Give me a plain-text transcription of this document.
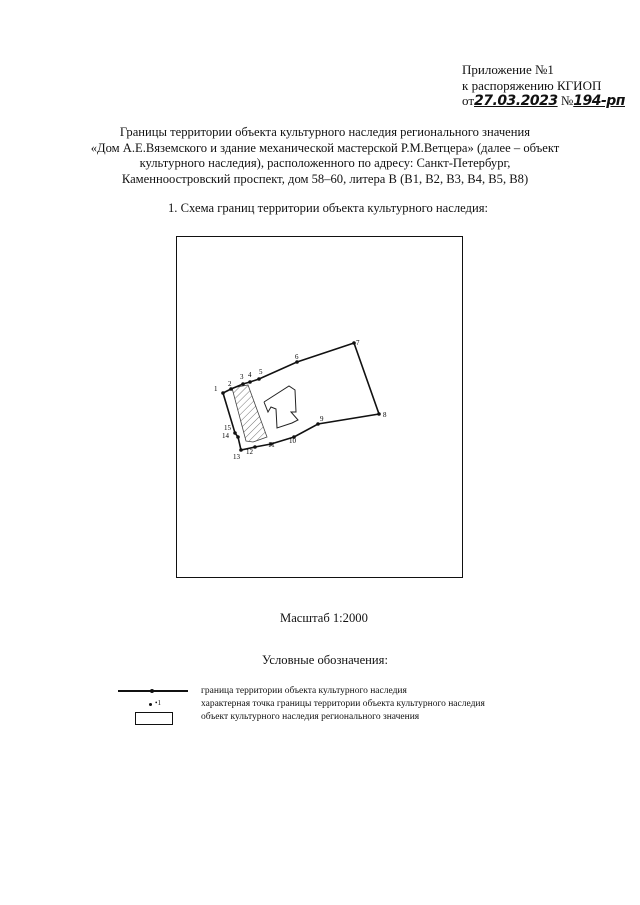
Приложение №1
к распоряжению КГИОП
от27.03.2023 №194-рп
Границы территории объекта культурного наследия регионального значения
«Дом А.Е.Вяземского и здание механической мастерской Р.М.Ветцера» (далее – объект
культурного наследия), расположенного по адресу: Санкт-Петербург,
Каменноостровский проспект, дом 58–60, литера В (В1, В2, В3, В4, В5, В8)
1. Схема границ территории объекта культурного наследия:
1
2
3 4 5
6
7
8
9
10
11
12
13
14
15
Масштаб 1:2000
Условные обозначения:
граница территории объекта культурного наследия
•1	характерная точка границы территории объекта культурного наследия
объект культурного наследия регионального значения
